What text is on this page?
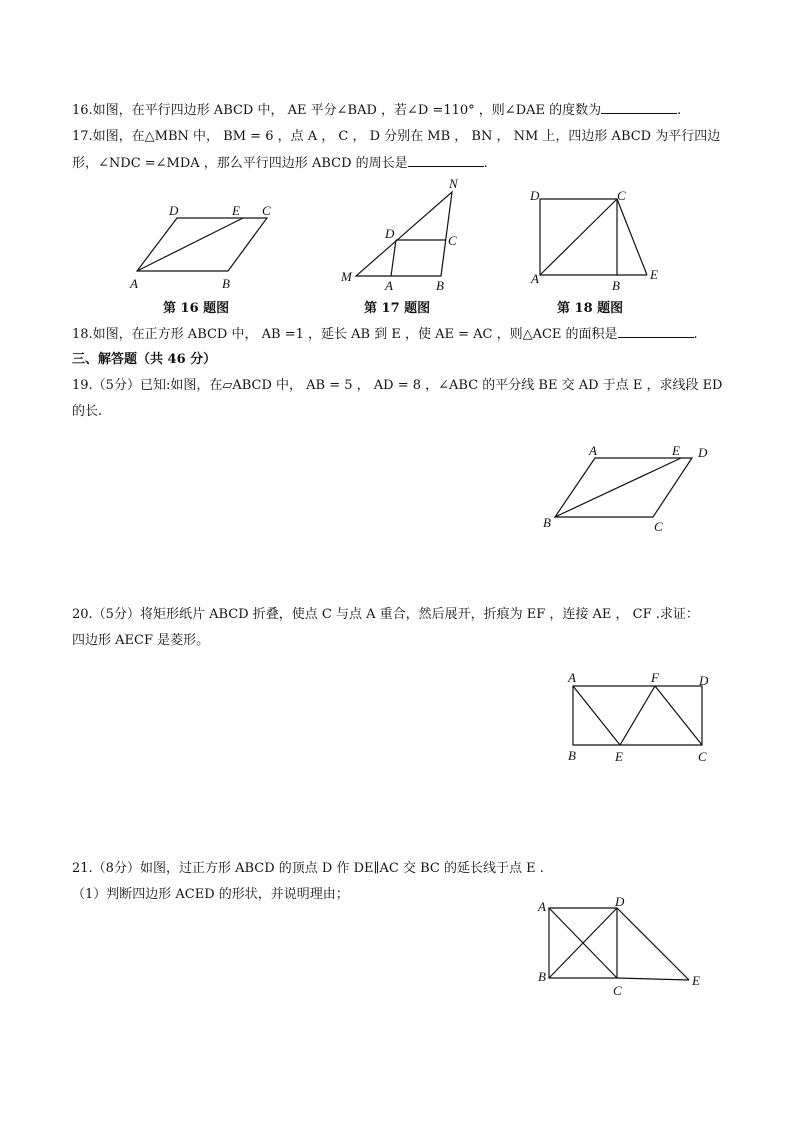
16.如图，在平行四边形 ABCD 中， AE 平分∠BAD ，若∠D =110° ，则∠DAE 的度数为	.
17.如图，在△MBN 中， BM = 6 ，点 A ， C ， D 分别在 MB ， BN ， NM 上，四边形 ABCD 为平行四边
形，∠NDC =∠MDA ，那么平行四边形 ABCD 的周长是	.
D	E C
A	B
第 16 题图
N
D	C
M
A	B
第 17 题图
D	C
A	B
E
第 18 题图
18.如图，在正方形 ABCD 中， AB =1 ，延长 AB 到 E ，使 AE = AC ，则△ACE 的面积是	.
三、解答题（共 46 分）
19.（5分）已知:如图，在▱ABCD 中， AB = 5 ， AD = 8 ，∠ABC 的平分线 BE 交 AD 于点 E ，求线段 ED
的长.
A	E D
B	C
20.（5分）将矩形纸片 ABCD 折叠，使点 C 与点 A 重合，然后展开，折痕为 EF ，连接 AE ， CF .求证：
四边形 AECF 是菱形。
A	F	D
B	E	C
21.（8分）如图，过正方形 ABCD 的顶点 D 作 DE∥AC 交 BC 的延长线于点 E .
（1）判断四边形 ACED 的形状，并说明理由；
A	D
B
C
E
